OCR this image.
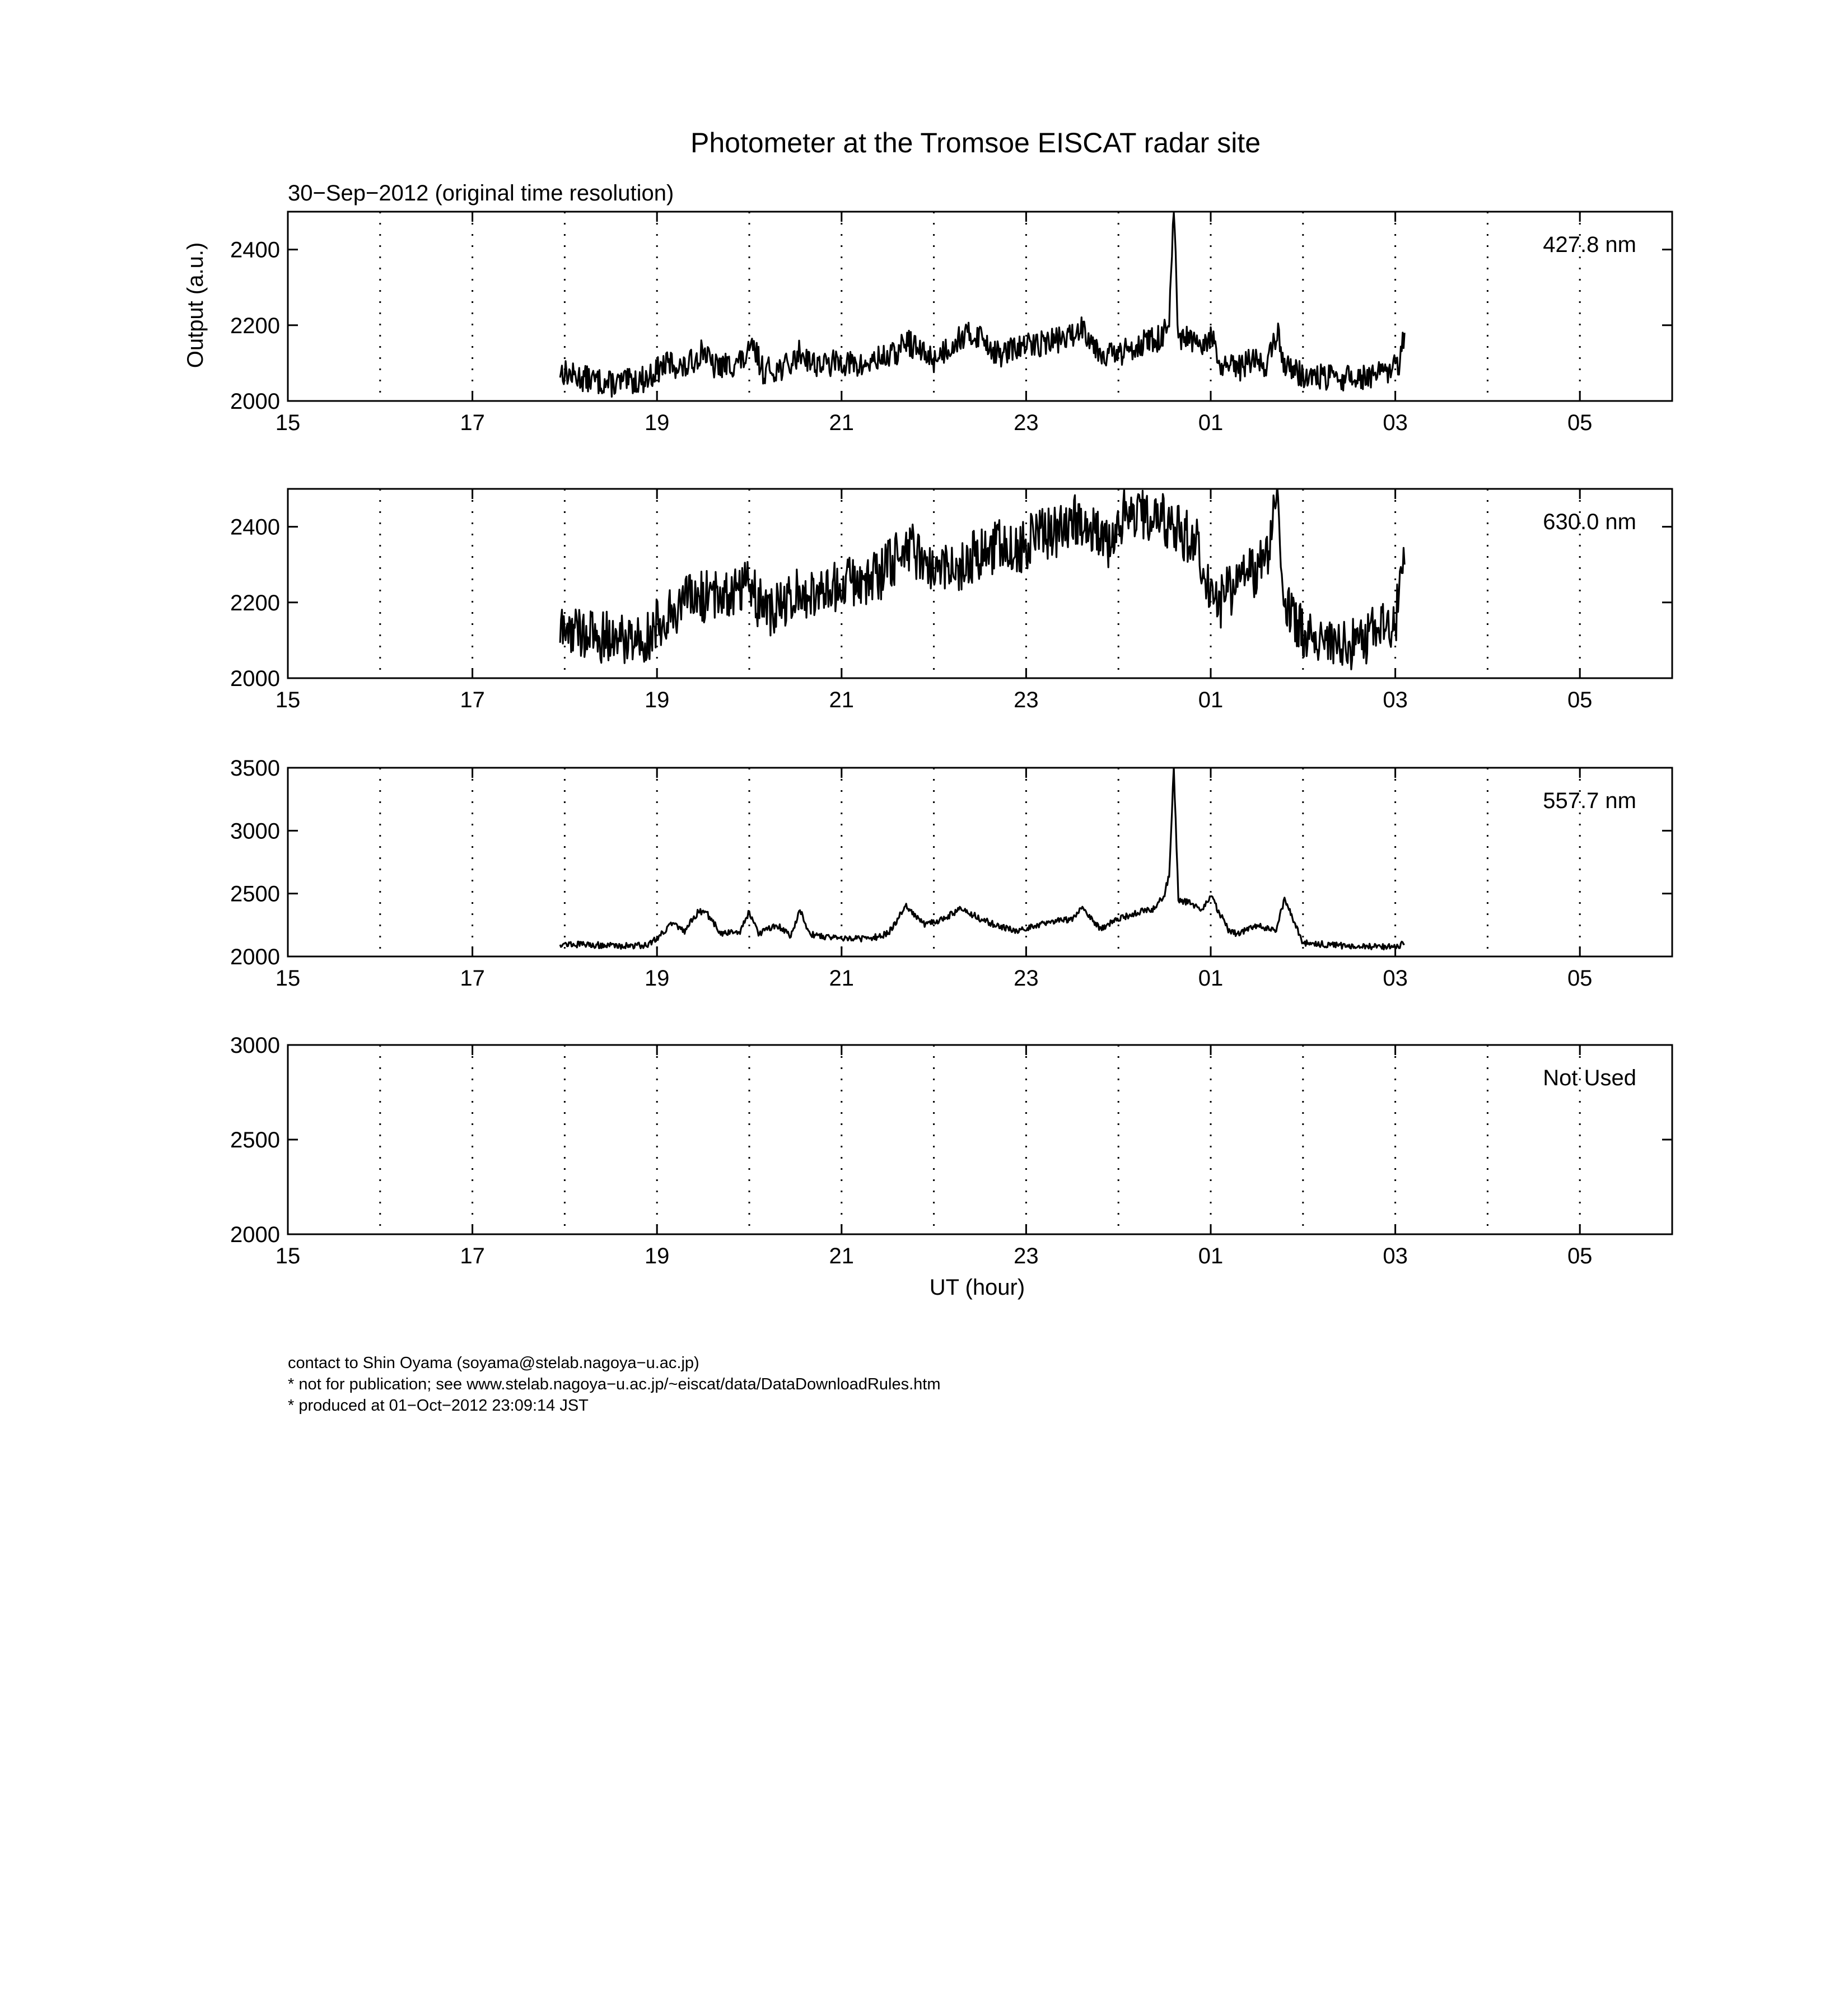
Photometer at the Tromsoe EISCAT radar site
30−Sep−2012 (original time resolution)
Output (a.u.)
15	17	19	21	23	01	03	05
2000
2200
2400	427.8 nm
15	17	19	21	23	01	03	05
2000
2200
2400	630.0 nm
15	17	19	21	23	01	03	05
2000
2500
3000
3500
557.7 nm
15	17	19	21	23	01	03	05
2000
2500
3000
Not Used
UT (hour)
contact to Shin Oyama (soyama@stelab.nagoya−u.ac.jp)
* not for publication; see www.stelab.nagoya−u.ac.jp/~eiscat/data/DataDownloadRules.htm
* produced at 01−Oct−2012 23:09:14 JST
